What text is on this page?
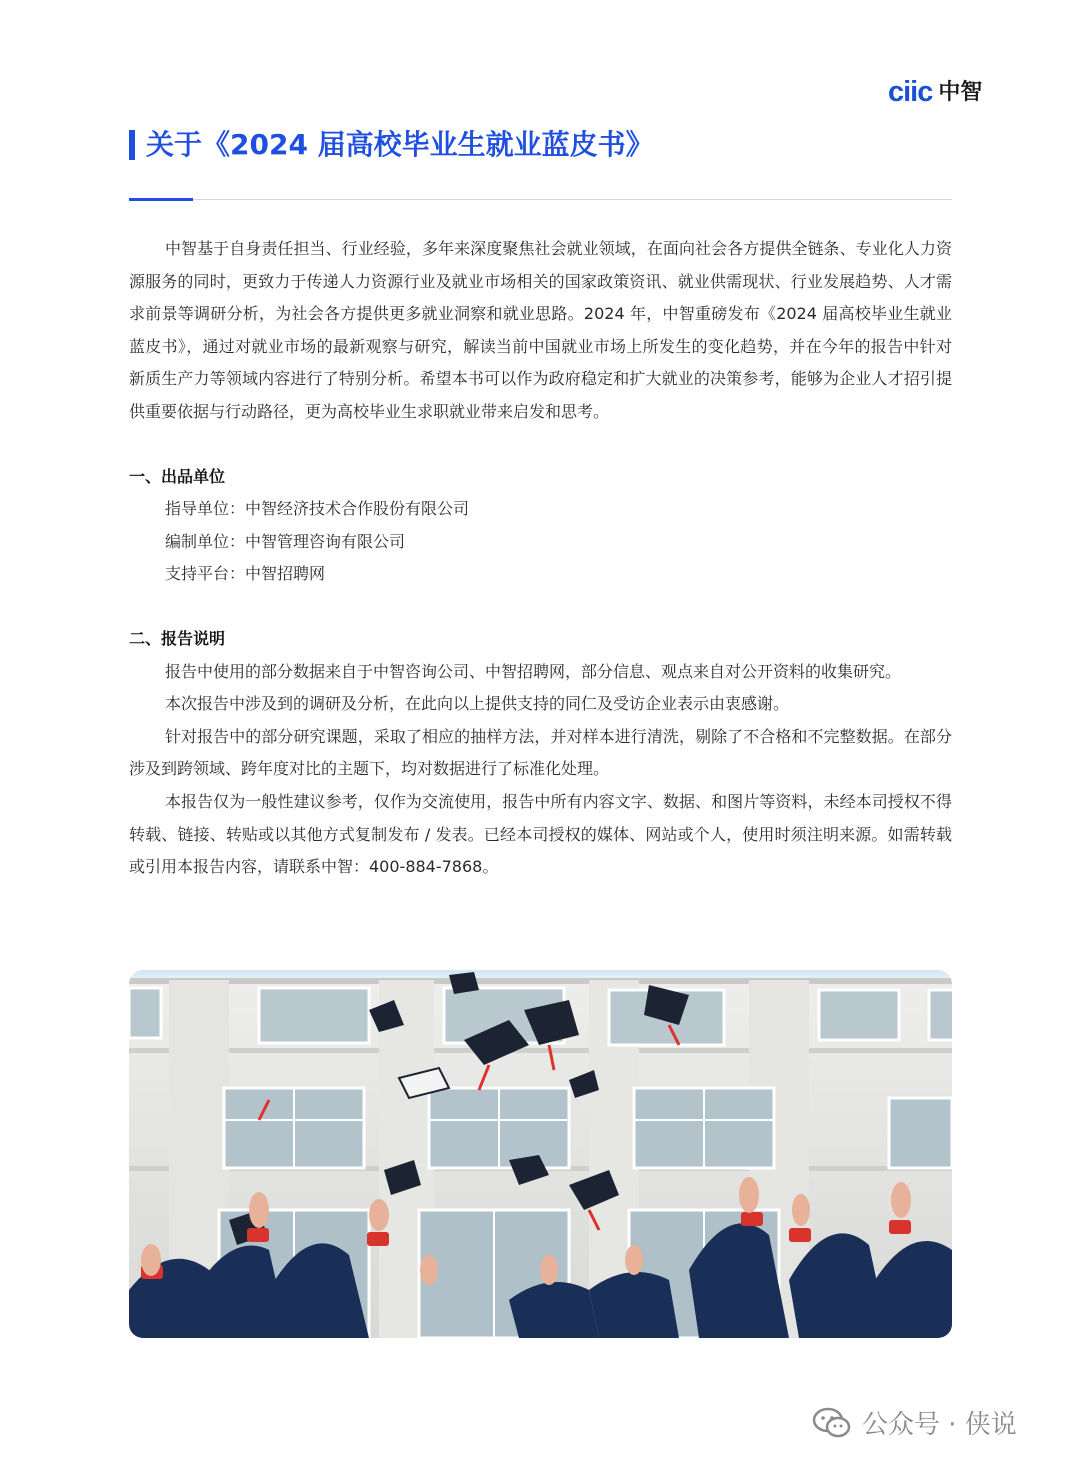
ciic 中智
关于《2024 届高校毕业生就业蓝皮书》

中智基于自身责任担当、行业经验，多年来深度聚焦社会就业领域，在面向社会各方提供全链条、专业化人力资源服务的同时，更致力于传递人力资源行业及就业市场相关的国家政策资讯、就业供需现状、行业发展趋势、人才需求前景等调研分析，为社会各方提供更多就业洞察和就业思路。2024 年，中智重磅发布《2024 届高校毕业生就业蓝皮书》，通过对就业市场的最新观察与研究，解读当前中国就业市场上所发生的变化趋势，并在今年的报告中针对新质生产力等领域内容进行了特别分析。希望本书可以作为政府稳定和扩大就业的决策参考，能够为企业人才招引提供重要依据与行动路径，更为高校毕业生求职就业带来启发和思考。

一、出品单位

指导单位：中智经济技术合作股份有限公司

编制单位：中智管理咨询有限公司

支持平台：中智招聘网

二、报告说明

报告中使用的部分数据来自于中智咨询公司、中智招聘网，部分信息、观点来自对公开资料的收集研究。

本次报告中涉及到的调研及分析，在此向以上提供支持的同仁及受访企业表示由衷感谢。

针对报告中的部分研究课题，采取了相应的抽样方法，并对样本进行清洗，剔除了不合格和不完整数据。在部分涉及到跨领域、跨年度对比的主题下，均对数据进行了标准化处理。

本报告仅为一般性建议参考，仅作为交流使用，报告中所有内容文字、数据、和图片等资料，未经本司授权不得转载、链接、转贴或以其他方式复制发布 / 发表。已经本司授权的媒体、网站或个人，使用时须注明来源。如需转载或引用本报告内容，请联系中智：400-884-7868。

公众号 · 侠说
